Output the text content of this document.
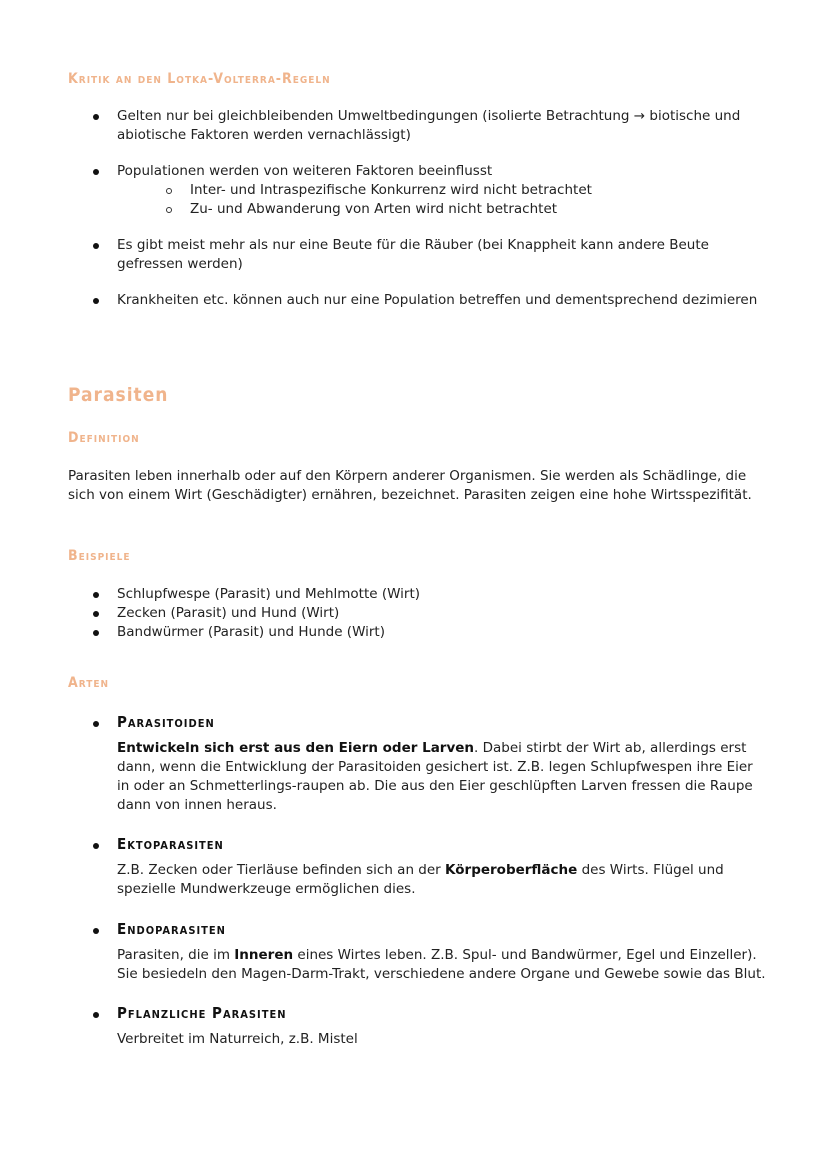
Kritik an den Lotka-Volterra-Regeln
Gelten nur bei gleichbleibenden Umweltbedingungen (isolierte Betrachtung → biotische und abiotische Faktoren werden vernachlässigt)
Populationen werden von weiteren Faktoren beeinflusst
Inter- und Intraspezifische Konkurrenz wird nicht betrachtet
Zu- und Abwanderung von Arten wird nicht betrachtet
Es gibt meist mehr als nur eine Beute für die Räuber (bei Knappheit kann andere Beute gefressen werden)
Krankheiten etc. können auch nur eine Population betreffen und dementsprechend dezimieren
Parasiten
Definition
Parasiten leben innerhalb oder auf den Körpern anderer Organismen. Sie werden als Schädlinge, die sich von einem Wirt (Geschädigter) ernähren, bezeichnet. Parasiten zeigen eine hohe Wirtsspezifität.
Beispiele
Schlupfwespe (Parasit) und Mehlmotte (Wirt)
Zecken (Parasit) und Hund (Wirt)
Bandwürmer (Parasit) und Hunde (Wirt)
Arten
Parasitoiden
Entwickeln sich erst aus den Eiern oder Larven. Dabei stirbt der Wirt ab, allerdings erst dann, wenn die Entwicklung der Parasitoiden gesichert ist. Z.B. legen Schlupfwespen ihre Eier in oder an Schmetterlings-raupen ab. Die aus den Eier geschlüpften Larven fressen die Raupe dann von innen heraus.
Ektoparasiten
Z.B. Zecken oder Tierläuse befinden sich an der Körperoberfläche des Wirts. Flügel und spezielle Mundwerkzeuge ermöglichen dies.
Endoparasiten
Parasiten, die im Inneren eines Wirtes leben. Z.B. Spul- und Bandwürmer, Egel und Einzeller). Sie besiedeln den Magen-Darm-Trakt, verschiedene andere Organe und Gewebe sowie das Blut.
Pflanzliche Parasiten
Verbreitet im Naturreich, z.B. Mistel
